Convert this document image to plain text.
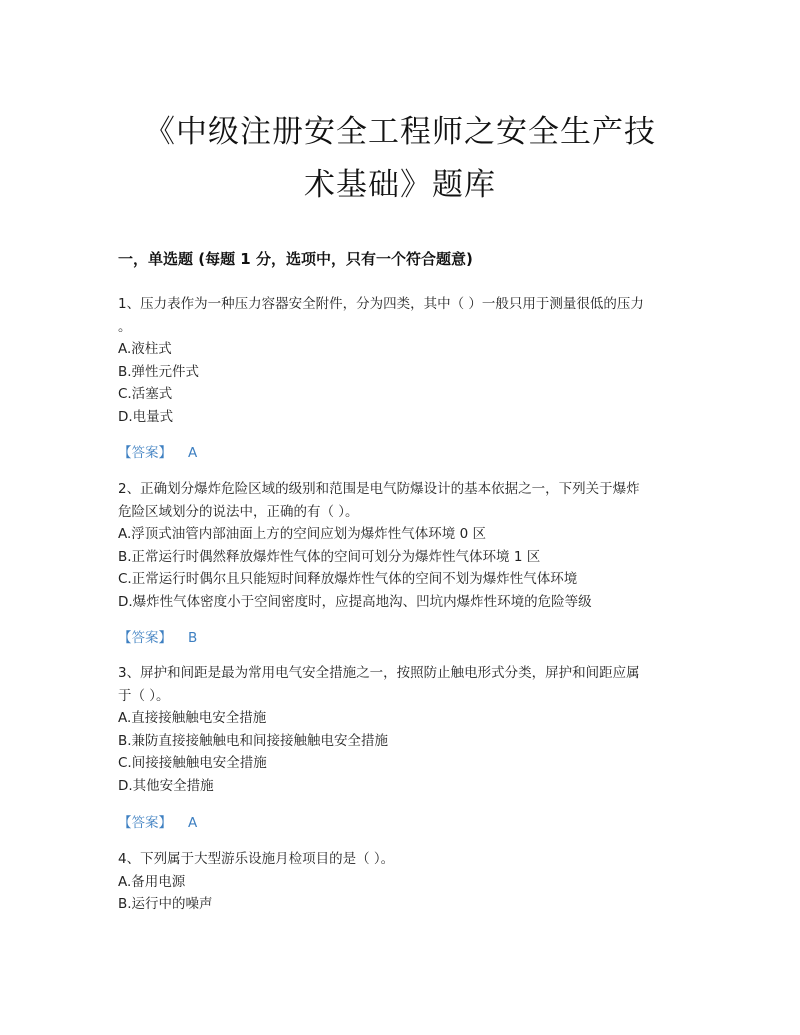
《中级注册安全工程师之安全生产技
术基础》题库
一，单选题 (每题 1 分，选项中，只有一个符合题意)

1、压力表作为一种压力容器安全附件，分为四类，其中（ ）一般只用于测量很低的压力
。

A.液柱式

B.弹性元件式

C.活塞式

D.电量式

【答案】 A

2、正确划分爆炸危险区域的级别和范围是电气防爆设计的基本依据之一，下列关于爆炸
危险区域划分的说法中，正确的有（ ）。

A.浮顶式油管内部油面上方的空间应划为爆炸性气体环境 0 区

B.正常运行时偶然释放爆炸性气体的空间可划分为爆炸性气体环境 1 区

C.正常运行时偶尔且只能短时间释放爆炸性气体的空间不划为爆炸性气体环境

D.爆炸性气体密度小于空间密度时，应提高地沟、凹坑内爆炸性环境的危险等级

【答案】 B

3、屏护和间距是最为常用电气安全措施之一，按照防止触电形式分类，屏护和间距应属
于（ ）。

A.直接接触触电安全措施

B.兼防直接接触触电和间接接触触电安全措施

C.间接接触触电安全措施

D.其他安全措施

【答案】 A

4、下列属于大型游乐设施月检项目的是（ ）。

A.备用电源

B.运行中的噪声
